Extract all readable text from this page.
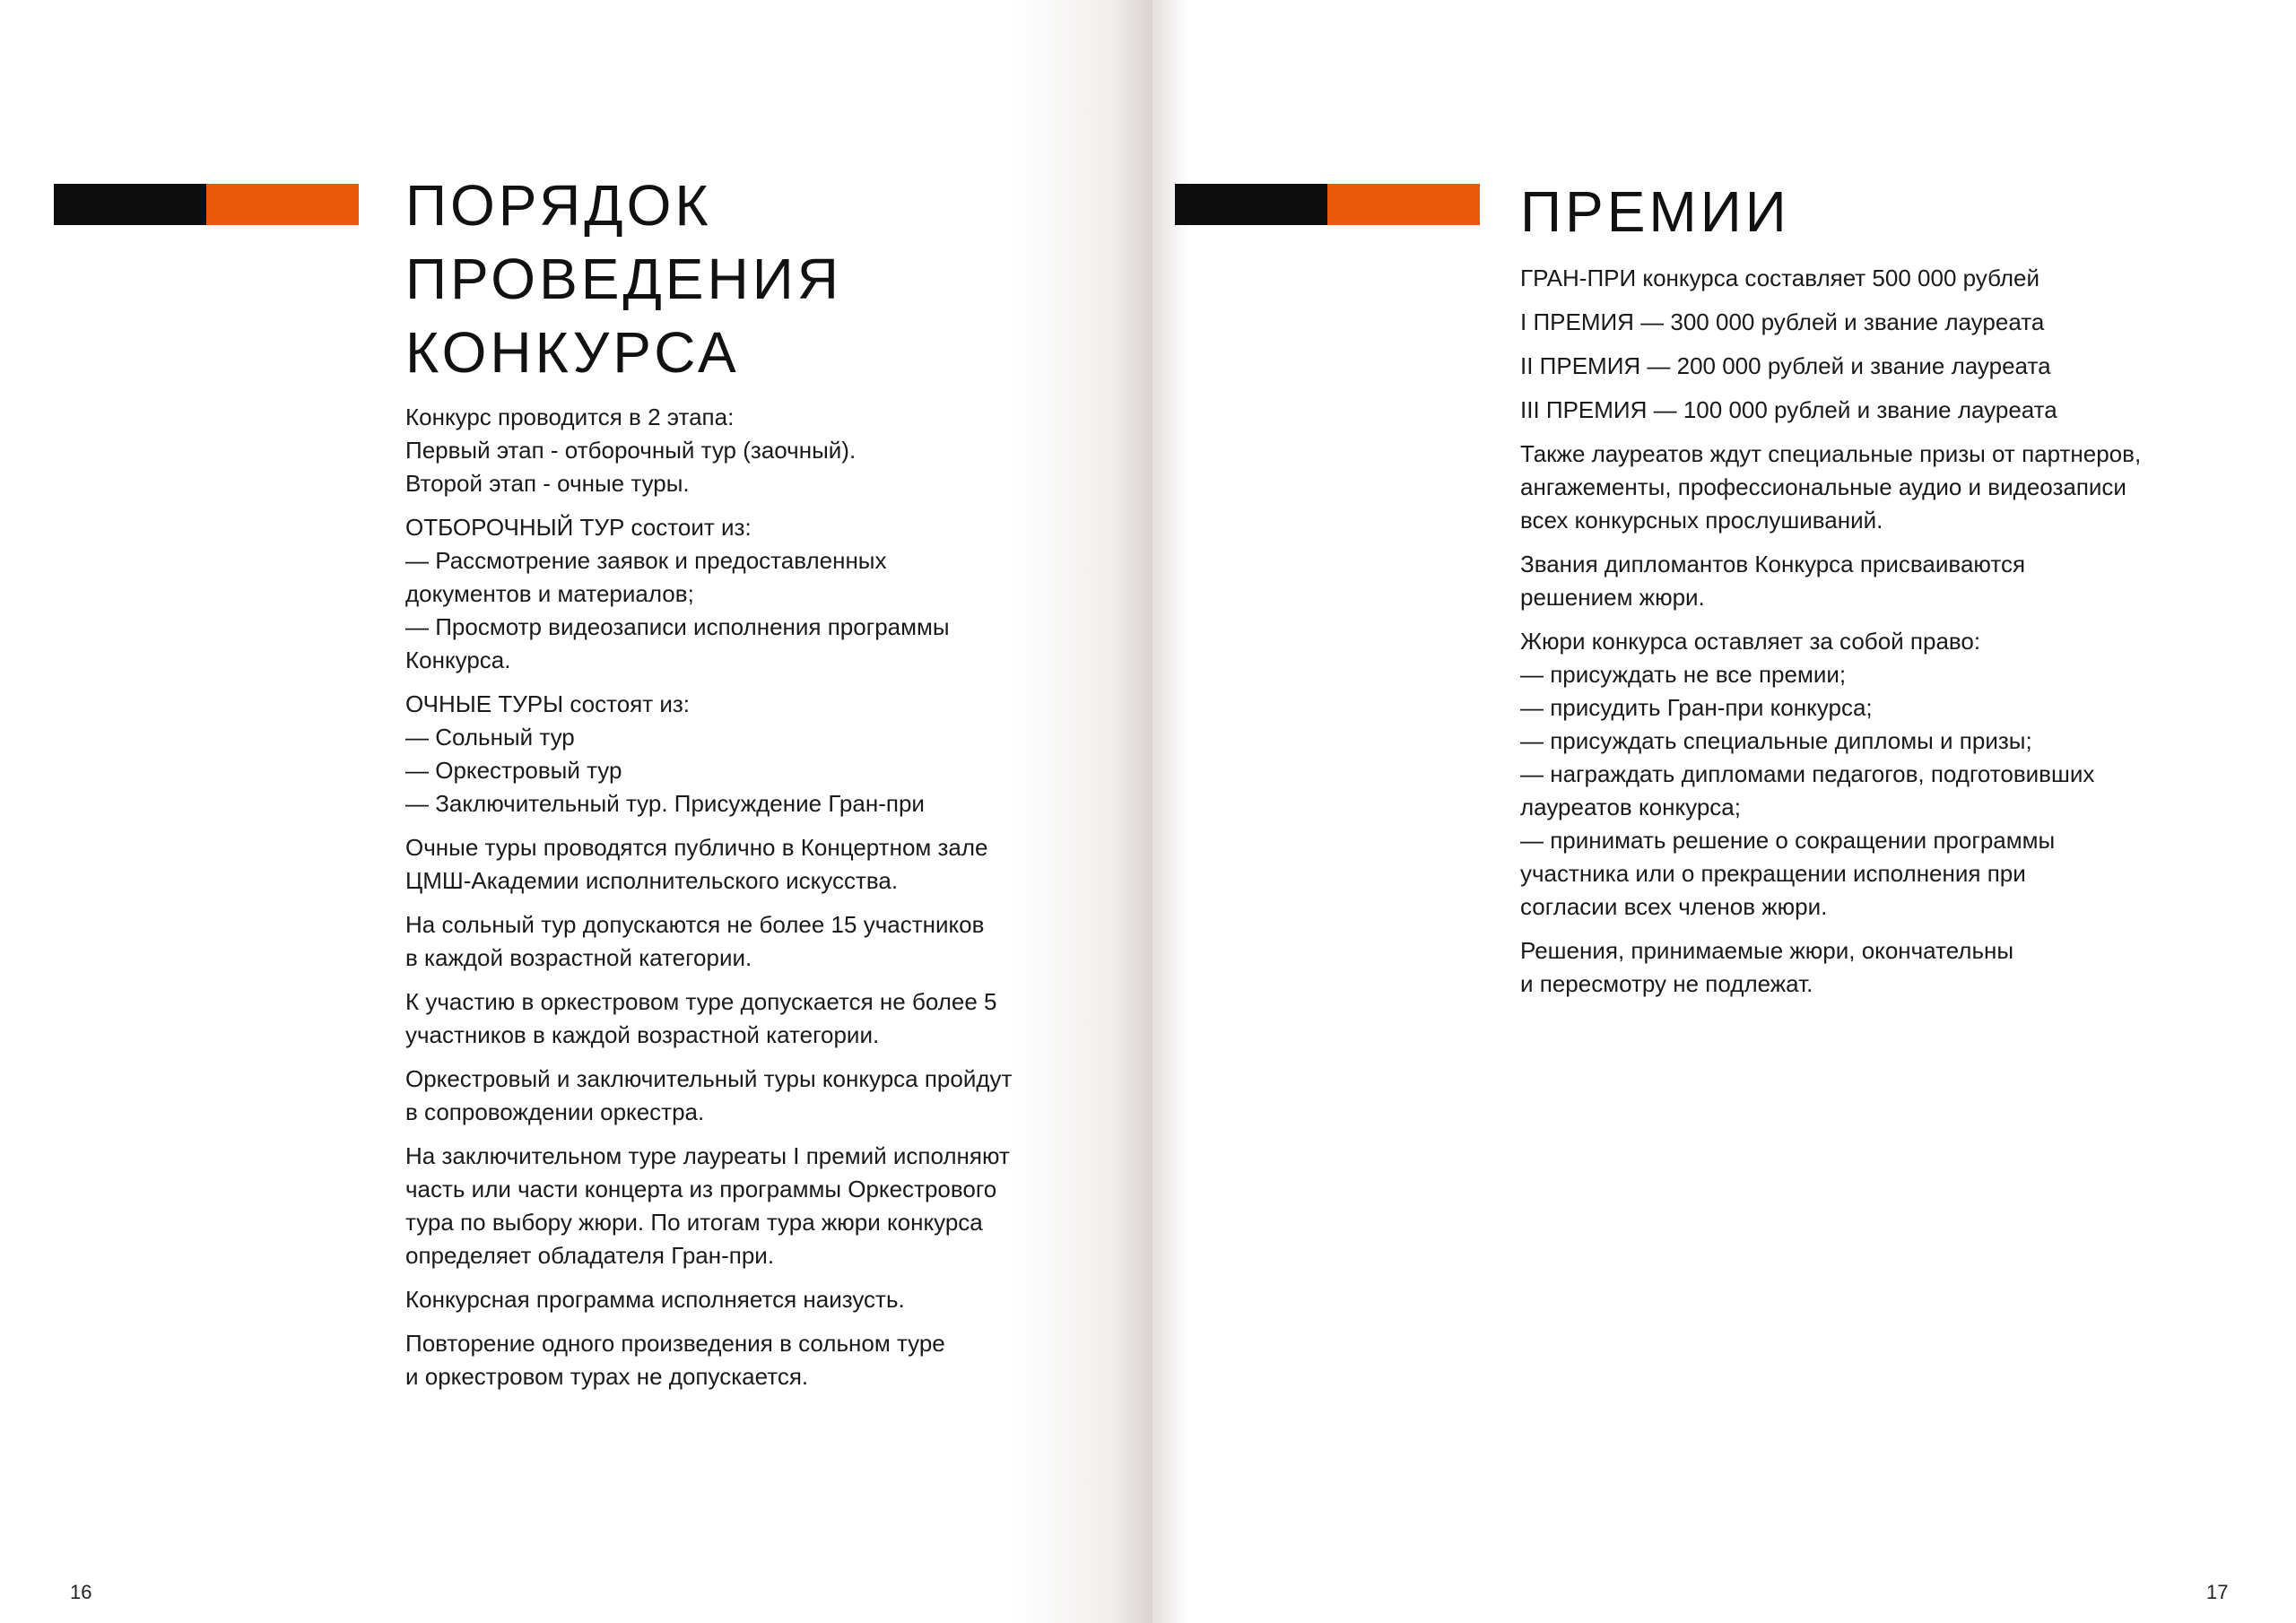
ПОРЯДОК
ПРОВЕДЕНИЯ
КОНКУРСА

Конкурс проводится в 2 этапа:
Первый этап - отборочный тур (заочный).
Второй этап - очные туры.

ОТБОРОЧНЫЙ ТУР состоит из:
— Рассмотрение заявок и предоставленных
документов и материалов;
— Просмотр видеозаписи исполнения программы
Конкурса.

ОЧНЫЕ ТУРЫ состоят из:
— Сольный тур
— Оркестровый тур
— Заключительный тур. Присуждение Гран-при

Очные туры проводятся публично в Концертном зале
ЦМШ-Академии исполнительского искусства.

На сольный тур допускаются не более 15 участников
в каждой возрастной категории.

К участию в оркестровом туре допускается не более 5
участников в каждой возрастной категории.

Оркестровый и заключительный туры конкурса пройдут
в сопровождении оркестра.

На заключительном туре лауреаты I премий исполняют
часть или части концерта из программы Оркестрового
тура по выбору жюри. По итогам тура жюри конкурса
определяет обладателя Гран-при.

Конкурсная программа исполняется наизусть.

Повторение одного произведения в сольном туре
и оркестровом турах не допускается.

16
ПРЕМИИ

ГРАН-ПРИ конкурса составляет 500 000 рублей

I ПРЕМИЯ — 300 000 рублей и звание лауреата

II ПРЕМИЯ — 200 000 рублей и звание лауреата

III ПРЕМИЯ — 100 000 рублей и звание лауреата

Также лауреатов ждут специальные призы от партнеров,
ангажементы, профессиональные аудио и видеозаписи
всех конкурсных прослушиваний.

Звания дипломантов Конкурса присваиваются
решением жюри.

Жюри конкурса оставляет за собой право:
— присуждать не все премии;
— присудить Гран-при конкурса;
— присуждать специальные дипломы и призы;
— награждать дипломами педагогов, подготовивших
лауреатов конкурса;
— принимать решение о сокращении программы
участника или о прекращении исполнения при
согласии всех членов жюри.

Решения, принимаемые жюри, окончательны
и пересмотру не подлежат.

17
